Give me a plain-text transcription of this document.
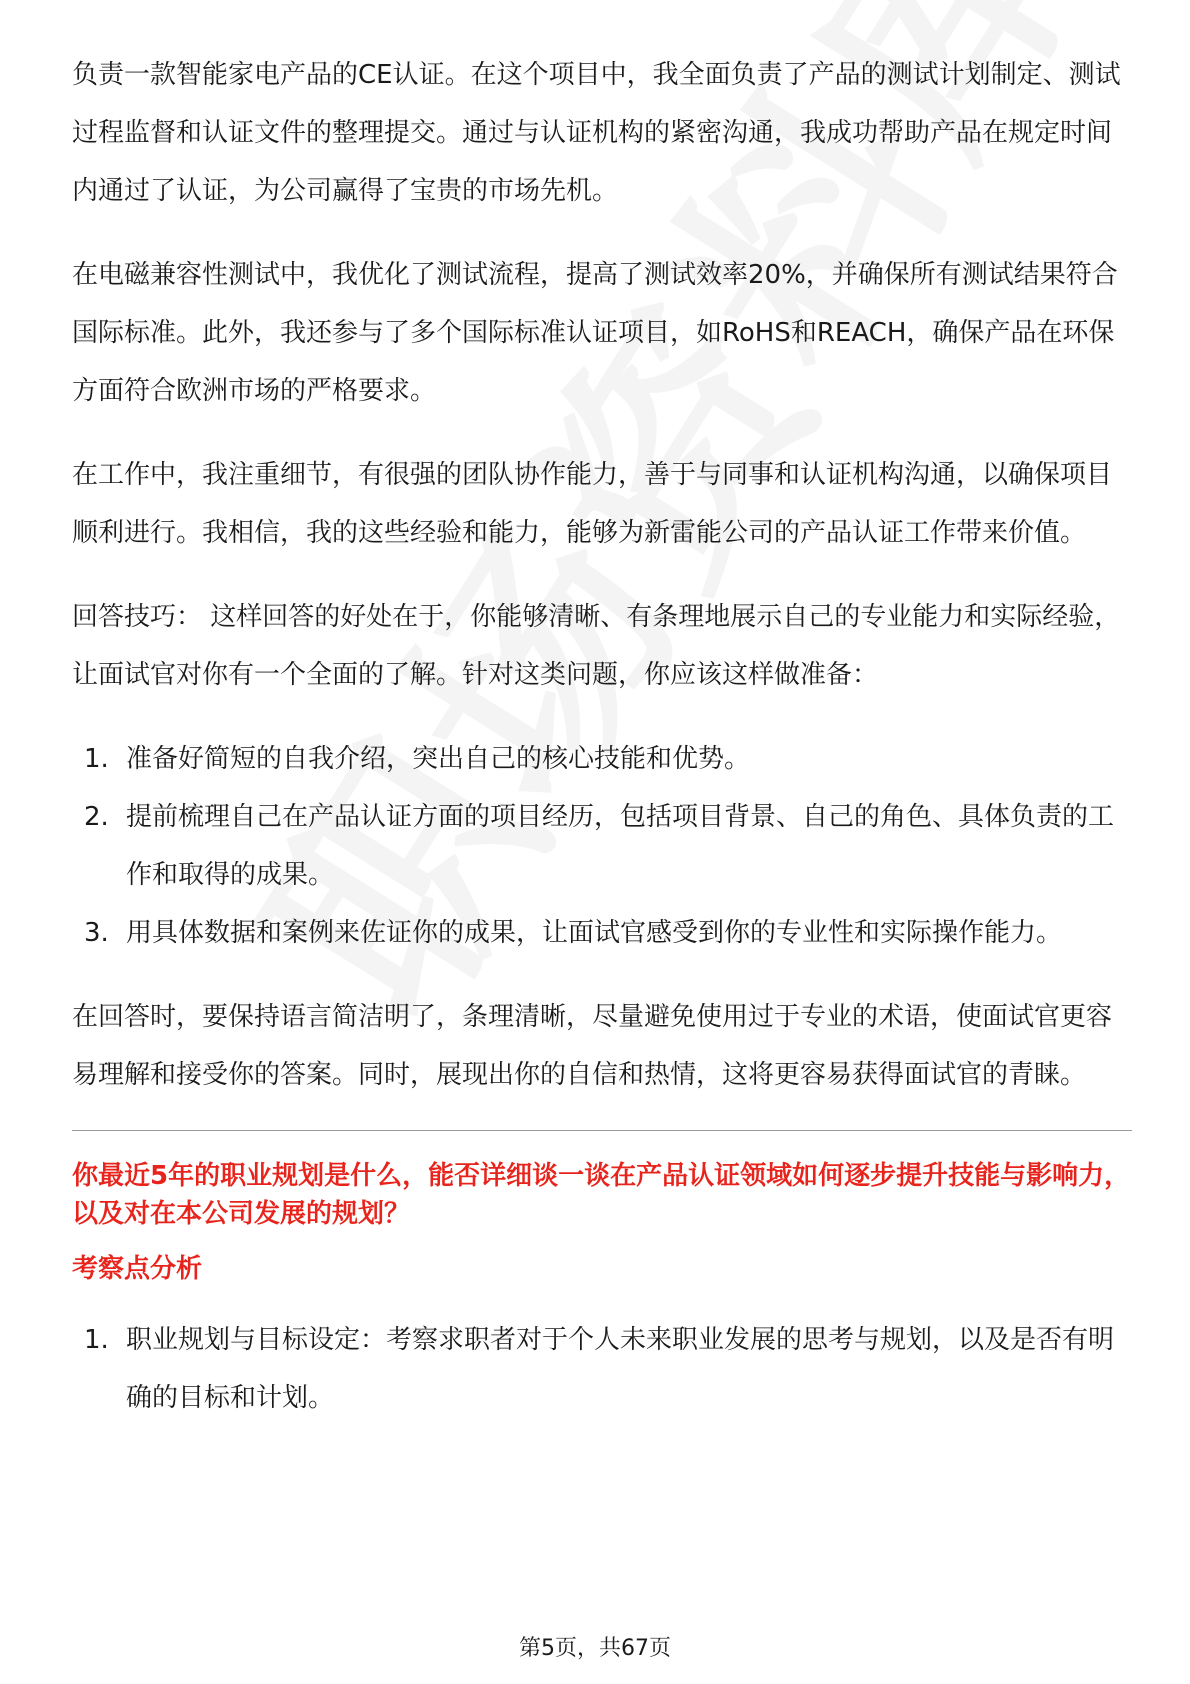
负责一款智能家电产品的CE认证。在这个项目中，我全面负责了产品的测试计划制定、测试过程监督和认证文件的整理提交。通过与认证机构的紧密沟通，我成功帮助产品在规定时间内通过了认证，为公司赢得了宝贵的市场先机。

在电磁兼容性测试中，我优化了测试流程，提高了测试效率20%，并确保所有测试结果符合国际标准。此外，我还参与了多个国际标准认证项目，如RoHS和REACH，确保产品在环保方面符合欧洲市场的严格要求。

在工作中，我注重细节，有很强的团队协作能力，善于与同事和认证机构沟通，以确保项目顺利进行。我相信，我的这些经验和能力，能够为新雷能公司的产品认证工作带来价值。

回答技巧： 这样回答的好处在于，你能够清晰、有条理地展示自己的专业能力和实际经验，让面试官对你有一个全面的了解。针对这类问题，你应该这样做准备：

1. 准备好简短的自我介绍，突出自己的核心技能和优势。
2. 提前梳理自己在产品认证方面的项目经历，包括项目背景、自己的角色、具体负责的工作和取得的成果。
3. 用具体数据和案例来佐证你的成果，让面试官感受到你的专业性和实际操作能力。

在回答时，要保持语言简洁明了，条理清晰，尽量避免使用过于专业的术语，使面试官更容易理解和接受你的答案。同时，展现出你的自信和热情，这将更容易获得面试官的青睐。

你最近5年的职业规划是什么，能否详细谈一谈在产品认证领域如何逐步提升技能与影响力，以及对在本公司发展的规划？
考察点分析
1. 职业规划与目标设定：考察求职者对于个人未来职业发展的思考与规划，以及是否有明确的目标和计划。
第5页，共67页
